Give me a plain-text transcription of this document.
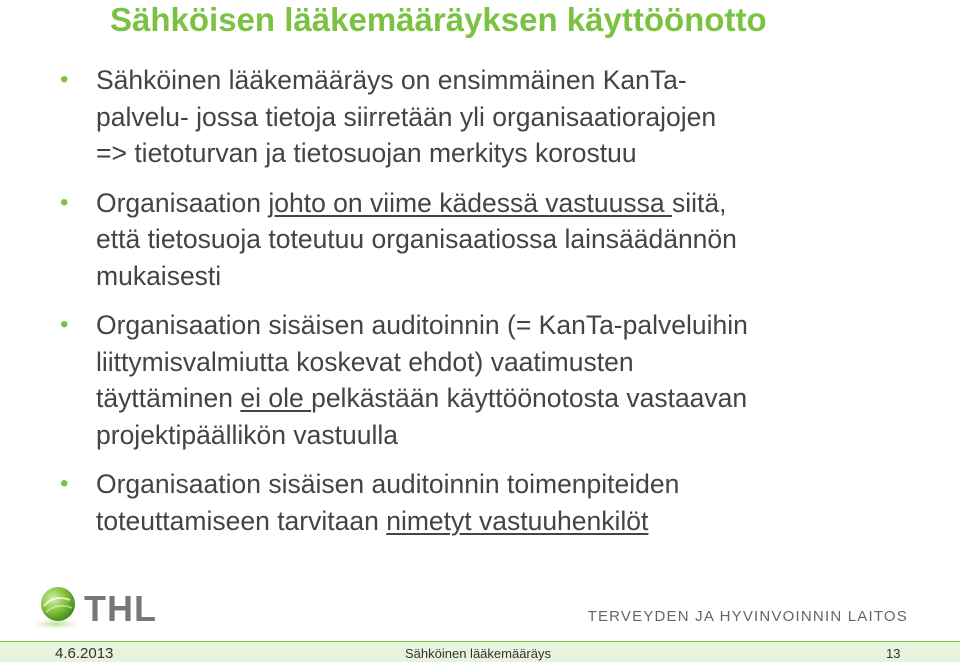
Sähköisen lääkemääräyksen käyttöönotto
• Sähköinen lääkemääräys on ensimmäinen KanTa-
palvelu- jossa tietoja siirretään yli organisaatiorajojen
=> tietoturvan ja tietosuojan merkitys korostuu
• Organisaation johto on viime kädessä vastuussa siitä,
että tietosuoja toteutuu organisaatiossa lainsäädännön
mukaisesti
• Organisaation sisäisen auditoinnin (= KanTa-palveluihin
liittymisvalmiutta koskevat ehdot) vaatimusten
täyttäminen ei ole pelkästään käyttöönotosta vastaavan
projektipäällikön vastuulla
• Organisaation sisäisen auditoinnin toimenpiteiden
toteuttamiseen tarvitaan nimetyt vastuuhenkilöt
THL	TERVEYDEN JA HYVINVOINNIN LAITOS
4.6.2013	Sähköinen lääkemääräys	13
